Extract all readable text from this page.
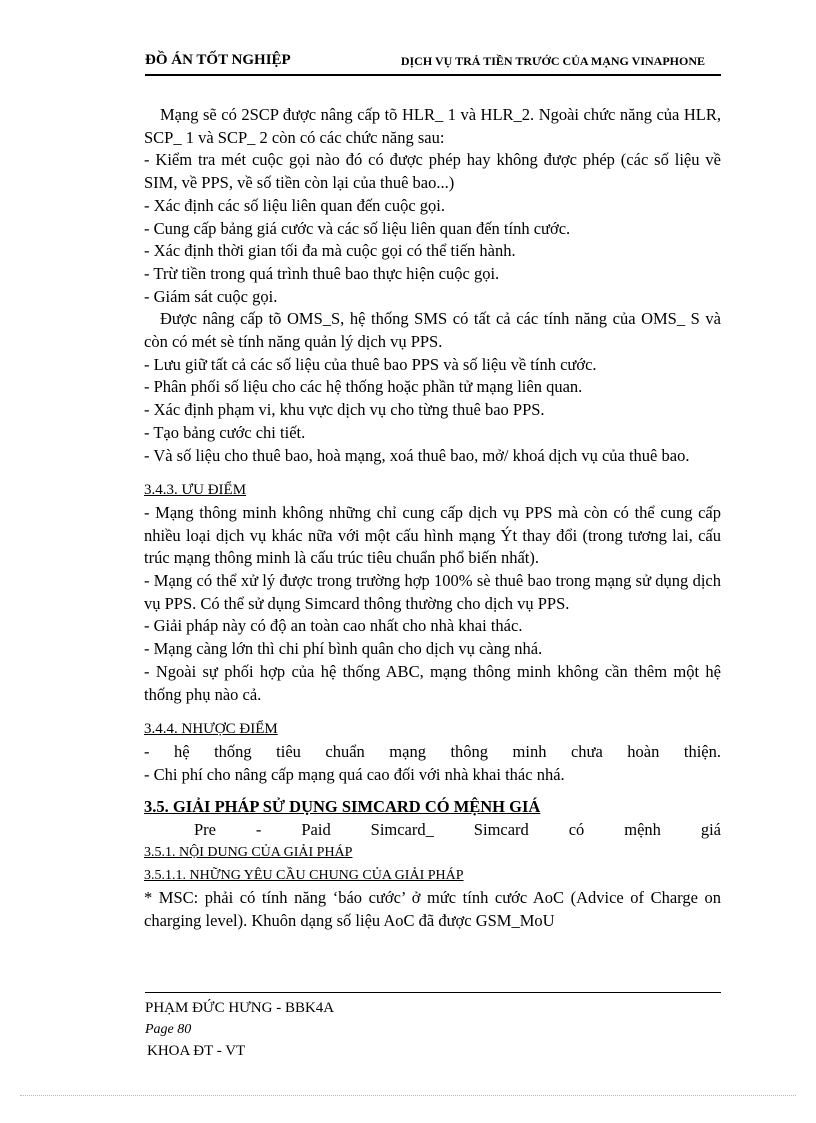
ĐỒ ÁN TỐT NGHIỆP	DỊCH VỤ TRẢ TIỀN TRƯỚC CỦA MẠNG VINAPHONE

Mạng sẽ có 2SCP được nâng cấp tõ HLR_ 1 và HLR_2. Ngoài chức năng của HLR, SCP_ 1 và SCP_ 2 còn có các chức năng sau:

- Kiểm tra mét cuộc gọi nào đó có được phép hay không được phép (các số liệu về SIM, về PPS, về số tiền còn lại của thuê bao...)

- Xác định các số liệu liên quan đến cuộc gọi.

- Cung cấp bảng giá cước và các số liệu liên quan đến tính cước.

- Xác định thời gian tối đa mà cuộc gọi có thể tiến hành.

- Trừ tiền trong quá trình thuê bao thực hiện cuộc gọi.

- Giám sát cuộc gọi.

Được nâng cấp tõ OMS_S, hệ thống SMS có tất cả các tính năng của OMS_ S và còn có mét sè tính năng quản lý dịch vụ PPS.

- Lưu giữ tất cả các số liệu của thuê bao PPS và số liệu về tính cước.

- Phân phối số liệu cho các hệ thống hoặc phần tử mạng liên quan.

- Xác định phạm vi, khu vực dịch vụ cho từng thuê bao PPS.

- Tạo bảng cước chi tiết.

- Và số liệu cho thuê bao, hoà mạng, xoá thuê bao, mở/ khoá dịch vụ của thuê bao.

3.4.3. ƯU ĐIỂM

- Mạng thông minh không những chỉ cung cấp dịch vụ PPS mà còn có thể cung cấp nhiều loại dịch vụ khác nữa với một cấu hình mạng Ýt thay đổi (trong tương lai, cấu trúc mạng thông minh là cấu trúc tiêu chuẩn phổ biến nhất).

- Mạng có thể xử lý được trong trường hợp 100% sè thuê bao trong mạng sử dụng dịch vụ PPS. Có thể sử dụng Simcard thông thường cho dịch vụ PPS.

- Giải pháp này có độ an toàn cao nhất cho nhà khai thác.

- Mạng càng lớn thì chi phí bình quân cho dịch vụ càng nhá.

- Ngoài sự phối hợp của hệ thống ABC, mạng thông minh không cần thêm một hệ thống phụ nào cả.

3.4.4. NHƯỢC ĐIỂM

- hệ thống tiêu chuẩn mạng thông minh chưa hoàn thiện.

- Chi phí cho nâng cấp mạng quá cao đối với nhà khai thác nhá.

3.5. GIẢI PHÁP SỬ DỤNG SIMCARD CÓ MỆNH GIÁ

Pre - Paid Simcard_ Simcard có mệnh giá

3.5.1. NỘI DUNG CỦA GIẢI PHÁP

3.5.1.1. NHỮNG YÊU CẦU CHUNG CỦA GIẢI PHÁP

* MSC: phải có tính năng ‘báo cước’ ở mức tính cước AoC (Advice of Charge on charging level). Khuôn dạng số liệu AoC đã được GSM_MoU

PHẠM ĐỨC HƯNG - BBK4A
Page 80
KHOA ĐT - VT
